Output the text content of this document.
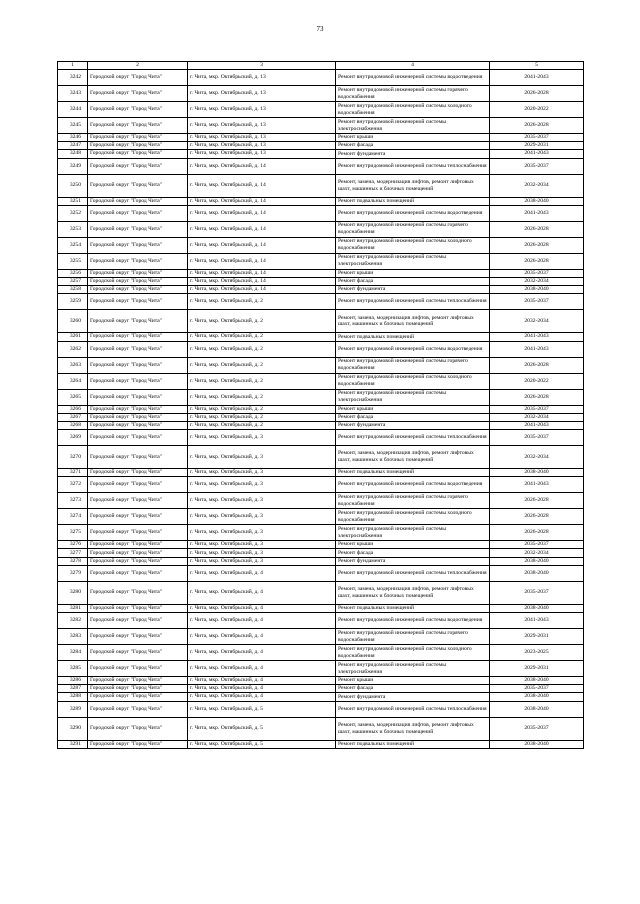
73
1	2	3	4	5
3242	Городской округ "Город Чита"	г. Чита, мкр. Октябрьский, д. 13	Ремонт внутридомовой инженерной системы водоотведения	2041-2043
3243	Городской округ "Город Чита"	г. Чита, мкр. Октябрьский, д. 13	Ремонт внутридомовой инженерной системы горячего водоснабжения	2026-2028
3244	Городской округ "Город Чита"	г. Чита, мкр. Октябрьский, д. 13	Ремонт внутридомовой инженерной системы холодного водоснабжения	2020-2022
3245	Городской округ "Город Чита"	г. Чита, мкр. Октябрьский, д. 13	Ремонт внутридомовой инженерной системы электроснабжения	2026-2028
3246	Городской округ "Город Чита"	г. Чита, мкр. Октябрьский, д. 13	Ремонт крыши	2035-2037
3247	Городской округ "Город Чита"	г. Чита, мкр. Октябрьский, д. 13	Ремонт фасада	2029-2031
3248	Городской округ "Город Чита"	г. Чита, мкр. Октябрьский, д. 13	Ремонт фундамента	2041-2043
3249	Городской округ "Город Чита"	г. Чита, мкр. Октябрьский, д. 14	Ремонт внутридомовой инженерной системы теплоснабжения	2035-2037
3250	Городской округ "Город Чита"	г. Чита, мкр. Октябрьский, д. 14	Ремонт, замена, модернизация лифтов, ремонт лифтовых шахт, машинных и блочных помещений	2032-2034
3251	Городской округ "Город Чита"	г. Чита, мкр. Октябрьский, д. 14	Ремонт подвальных помещений	2038-2040
3252	Городской округ "Город Чита"	г. Чита, мкр. Октябрьский, д. 14	Ремонт внутридомовой инженерной системы водоотведения	2041-2043
3253	Городской округ "Город Чита"	г. Чита, мкр. Октябрьский, д. 14	Ремонт внутридомовой инженерной системы горячего водоснабжения	2026-2028
3254	Городской округ "Город Чита"	г. Чита, мкр. Октябрьский, д. 14	Ремонт внутридомовой инженерной системы холодного водоснабжения	2026-2028
3255	Городской округ "Город Чита"	г. Чита, мкр. Октябрьский, д. 14	Ремонт внутридомовой инженерной системы электроснабжения	2026-2028
3256	Городской округ "Город Чита"	г. Чита, мкр. Октябрьский, д. 14	Ремонт крыши	2035-2037
3257	Городской округ "Город Чита"	г. Чита, мкр. Октябрьский, д. 14	Ремонт фасада	2032-2034
3258	Городской округ "Город Чита"	г. Чита, мкр. Октябрьский, д. 14	Ремонт фундамента	2038-2040
3259	Городской округ "Город Чита"	г. Чита, мкр. Октябрьский, д. 2	Ремонт внутридомовой инженерной системы теплоснабжения	2035-2037
3260	Городской округ "Город Чита"	г. Чита, мкр. Октябрьский, д. 2	Ремонт, замена, модернизация лифтов, ремонт лифтовых шахт, машинных и блочных помещений	2032-2034
3261	Городской округ "Город Чита"	г. Чита, мкр. Октябрьский, д. 2	Ремонт подвальных помещений	2041-2043
3262	Городской округ "Город Чита"	г. Чита, мкр. Октябрьский, д. 2	Ремонт внутридомовой инженерной системы водоотведения	2041-2043
3263	Городской округ "Город Чита"	г. Чита, мкр. Октябрьский, д. 2	Ремонт внутридомовой инженерной системы горячего водоснабжения	2026-2028
3264	Городской округ "Город Чита"	г. Чита, мкр. Октябрьский, д. 2	Ремонт внутридомовой инженерной системы холодного водоснабжения	2020-2022
3265	Городской округ "Город Чита"	г. Чита, мкр. Октябрьский, д. 2	Ремонт внутридомовой инженерной системы электроснабжения	2026-2028
3266	Городской округ "Город Чита"	г. Чита, мкр. Октябрьский, д. 2	Ремонт крыши	2035-2037
3267	Городской округ "Город Чита"	г. Чита, мкр. Октябрьский, д. 2	Ремонт фасада	2032-2034
3268	Городской округ "Город Чита"	г. Чита, мкр. Октябрьский, д. 2	Ремонт фундамента	2041-2043
3269	Городской округ "Город Чита"	г. Чита, мкр. Октябрьский, д. 3	Ремонт внутридомовой инженерной системы теплоснабжения	2035-2037
3270	Городской округ "Город Чита"	г. Чита, мкр. Октябрьский, д. 3	Ремонт, замена, модернизация лифтов, ремонт лифтовых шахт, машинных и блочных помещений	2032-2034
3271	Городской округ "Город Чита"	г. Чита, мкр. Октябрьский, д. 3	Ремонт подвальных помещений	2038-2040
3272	Городской округ "Город Чита"	г. Чита, мкр. Октябрьский, д. 3	Ремонт внутридомовой инженерной системы водоотведения	2041-2043
3273	Городской округ "Город Чита"	г. Чита, мкр. Октябрьский, д. 3	Ремонт внутридомовой инженерной системы горячего водоснабжения	2026-2028
3274	Городской округ "Город Чита"	г. Чита, мкр. Октябрьский, д. 3	Ремонт внутридомовой инженерной системы холодного водоснабжения	2026-2028
3275	Городской округ "Город Чита"	г. Чита, мкр. Октябрьский, д. 3	Ремонт внутридомовой инженерной системы электроснабжения	2026-2028
3276	Городской округ "Город Чита"	г. Чита, мкр. Октябрьский, д. 3	Ремонт крыши	2035-2037
3277	Городской округ "Город Чита"	г. Чита, мкр. Октябрьский, д. 3	Ремонт фасада	2032-2034
3278	Городской округ "Город Чита"	г. Чита, мкр. Октябрьский, д. 3	Ремонт фундамента	2038-2040
3279	Городской округ "Город Чита"	г. Чита, мкр. Октябрьский, д. 4	Ремонт внутридомовой инженерной системы теплоснабжения	2038-2040
3280	Городской округ "Город Чита"	г. Чита, мкр. Октябрьский, д. 4	Ремонт, замена, модернизация лифтов, ремонт лифтовых шахт, машинных и блочных помещений	2035-2037
3281	Городской округ "Город Чита"	г. Чита, мкр. Октябрьский, д. 4	Ремонт подвальных помещений	2038-2040
3282	Городской округ "Город Чита"	г. Чита, мкр. Октябрьский, д. 4	Ремонт внутридомовой инженерной системы водоотведения	2041-2043
3283	Городской округ "Город Чита"	г. Чита, мкр. Октябрьский, д. 4	Ремонт внутридомовой инженерной системы горячего водоснабжения	2029-2031
3284	Городской округ "Город Чита"	г. Чита, мкр. Октябрьский, д. 4	Ремонт внутридомовой инженерной системы холодного водоснабжения	2023-2025
3285	Городской округ "Город Чита"	г. Чита, мкр. Октябрьский, д. 4	Ремонт внутридомовой инженерной системы электроснабжения	2029-2031
3286	Городской округ "Город Чита"	г. Чита, мкр. Октябрьский, д. 4	Ремонт крыши	2038-2040
3287	Городской округ "Город Чита"	г. Чита, мкр. Октябрьский, д. 4	Ремонт фасада	2035-2037
3288	Городской округ "Город Чита"	г. Чита, мкр. Октябрьский, д. 4	Ремонт фундамента	2038-2040
3289	Городской округ "Город Чита"	г. Чита, мкр. Октябрьский, д. 5	Ремонт внутридомовой инженерной системы теплоснабжения	2038-2040
3290	Городской округ "Город Чита"	г. Чита, мкр. Октябрьский, д. 5	Ремонт, замена, модернизация лифтов, ремонт лифтовых шахт, машинных и блочных помещений	2035-2037
3291	Городской округ "Город Чита"	г. Чита, мкр. Октябрьский, д. 5	Ремонт подвальных помещений	2038-2040
